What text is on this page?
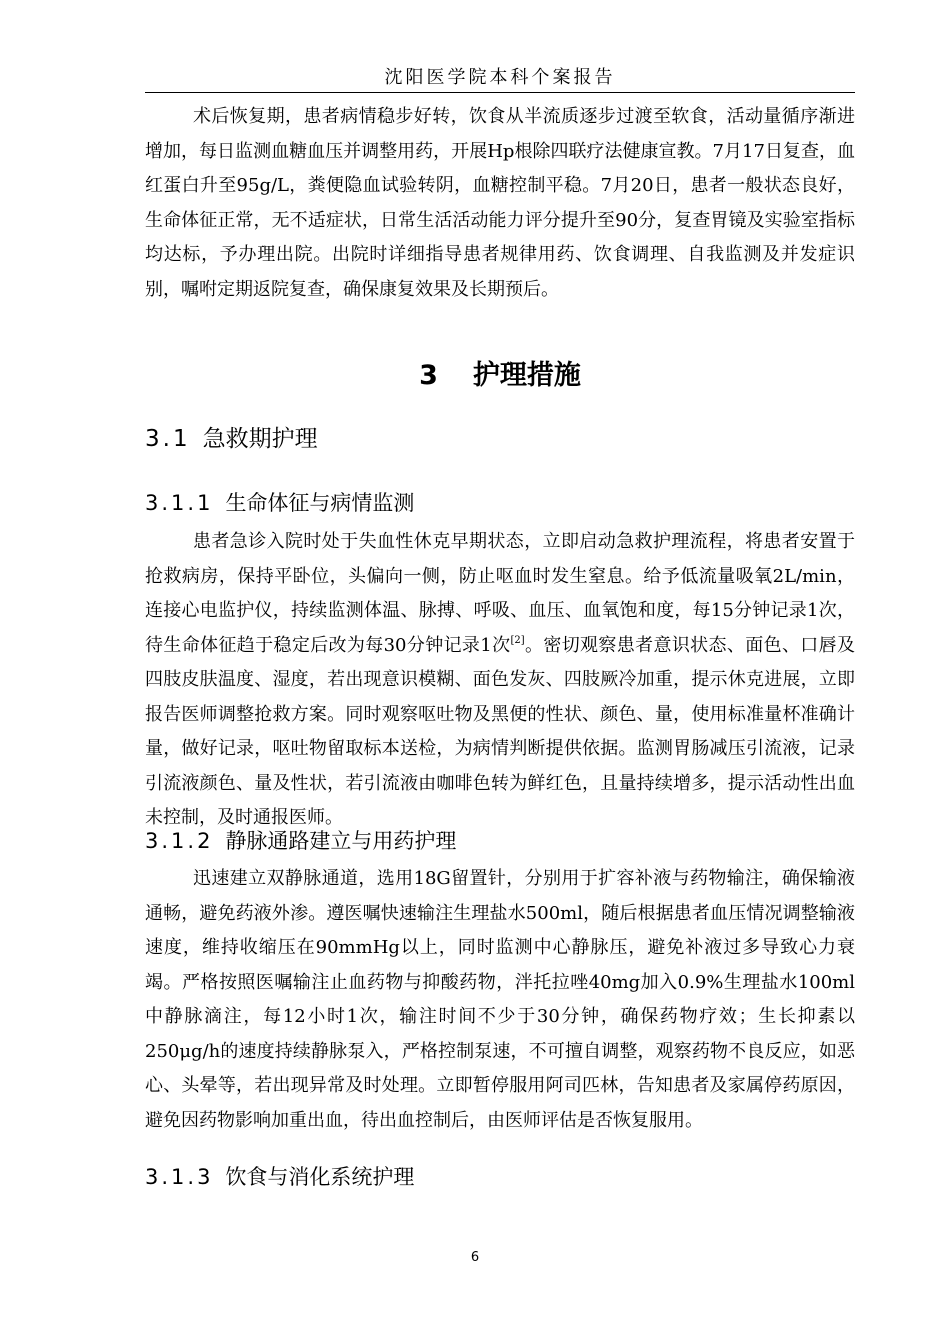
沈阳医学院本科个案报告

术后恢复期，患者病情稳步好转，饮食从半流质逐步过渡至软食，活动量循序渐进增加，每日监测血糖血压并调整用药，开展Hp根除四联疗法健康宣教。7月17日复查，血红蛋白升至95g/L，粪便隐血试验转阴，血糖控制平稳。7月20日，患者一般状态良好，生命体征正常，无不适症状，日常生活活动能力评分提升至90分，复查胃镜及实验室指标均达标，予办理出院。出院时详细指导患者规律用药、饮食调理、自我监测及并发症识别，嘱咐定期返院复查，确保康复效果及长期预后。

3 护理措施
3.1 急救期护理
3.1.1 生命体征与病情监测

患者急诊入院时处于失血性休克早期状态，立即启动急救护理流程，将患者安置于抢救病房，保持平卧位，头偏向一侧，防止呕血时发生窒息。给予低流量吸氧2L/min，连接心电监护仪，持续监测体温、脉搏、呼吸、血压、血氧饱和度，每15分钟记录1次，待生命体征趋于稳定后改为每30分钟记录1次[2]。密切观察患者意识状态、面色、口唇及四肢皮肤温度、湿度，若出现意识模糊、面色发灰、四肢厥冷加重，提示休克进展，立即报告医师调整抢救方案。同时观察呕吐物及黑便的性状、颜色、量，使用标准量杯准确计量，做好记录，呕吐物留取标本送检，为病情判断提供依据。监测胃肠减压引流液，记录引流液颜色、量及性状，若引流液由咖啡色转为鲜红色，且量持续增多，提示活动性出血未控制，及时通报医师。

3.1.2 静脉通路建立与用药护理

迅速建立双静脉通道，选用18G留置针，分别用于扩容补液与药物输注，确保输液通畅，避免药液外渗。遵医嘱快速输注生理盐水500ml，随后根据患者血压情况调整输液速度，维持收缩压在90mmHg以上，同时监测中心静脉压，避免补液过多导致心力衰竭。严格按照医嘱输注止血药物与抑酸药物，泮托拉唑40mg加入0.9%生理盐水100ml中静脉滴注，每12小时1次，输注时间不少于30分钟，确保药物疗效；生长抑素以250μg/h的速度持续静脉泵入，严格控制泵速，不可擅自调整，观察药物不良反应，如恶心、头晕等，若出现异常及时处理。立即暂停服用阿司匹林，告知患者及家属停药原因，避免因药物影响加重出血，待出血控制后，由医师评估是否恢复服用。

3.1.3 饮食与消化系统护理
6
